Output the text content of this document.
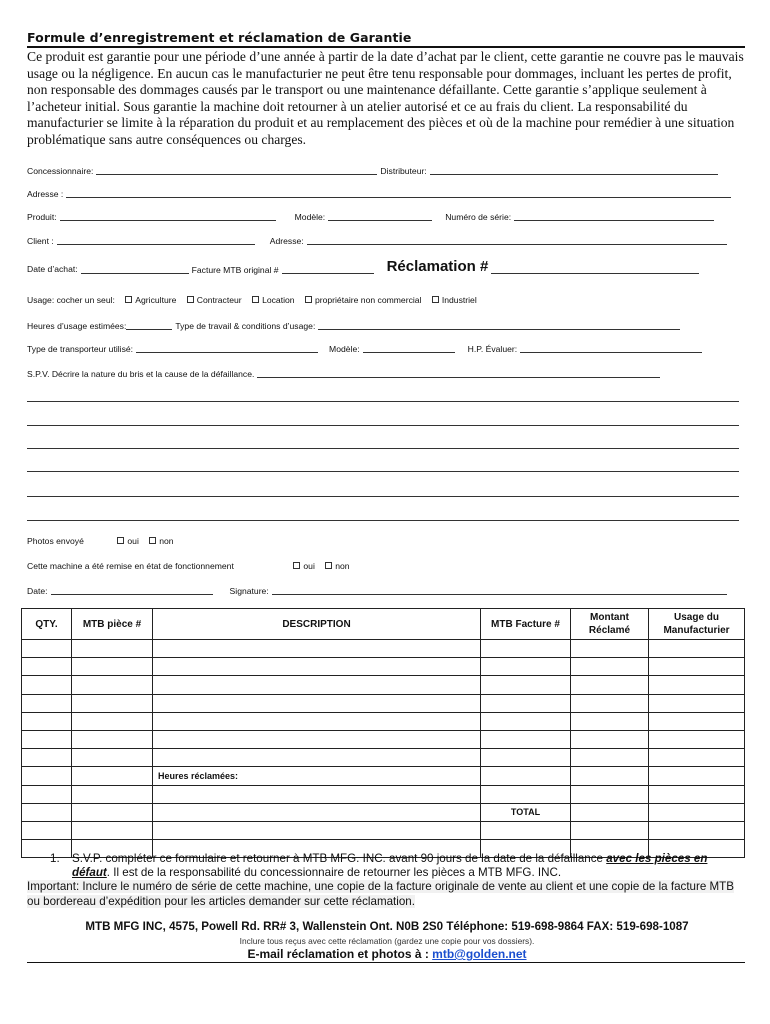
Formule d’enregistrement et réclamation de Garantie
Ce produit est garantie pour une période d’une année à partir de la date d’achat par le client, cette garantie ne couvre pas le mauvais usage ou la négligence. En aucun cas le manufacturier ne peut être tenu responsable pour dommages, incluant les pertes de profit, non responsable des dommages causés par le transport ou une maintenance défaillante. Cette garantie s’applique seulement à l’acheteur initial. Sous garantie la machine doit retourner à un atelier autorisé et ce au frais du client. La responsabilité du manufacturier se limite à la réparation du produit et au remplacement des pièces et où de la machine pour remédier à une situation problématique sans autre conséquences ou charges.
Concessionnaire:	Distributeur:
Adresse :
Produit:	Modèle:	Numéro de série:
Client :	Adresse:
Date d’achat:	Facture MTB original #	Réclamation #
Usage: cocher un seul: Agriculture Contracteur Location propriétaire non commercial Industriel
Heures d’usage estimées:	Type de travail & conditions d’usage:
Type de transporteur utilisé:	Modèle:	H.P. Évaluer:
S.P.V. Décrire la nature du bris et la cause de la défaillance.
Photos envoyé	oui non
Cette machine a été remise en état de fonctionnement	oui non
Date:	Signature:
QTY.	MTB pièce #	DESCRIPTION	MTB Facture #	Montant Réclamé	Usage du Manufacturier

		Heures réclamées:			

			TOTAL		

1. S.V.P. compléter ce formulaire et retourner à MTB MFG. INC. avant 90 jours de la date de la défaillance avec les pièces en défaut. Il est de la responsabilité du concessionnaire de retourner les pièces a MTB MFG. INC.
Important: Inclure le numéro de série de cette machine, une copie de la facture originale de vente au client et une copie de la facture MTB ou bordereau d’expédition pour les articles demander sur cette réclamation.
MTB MFG INC, 4575, Powell Rd. RR# 3, Wallenstein Ont. N0B 2S0 Téléphone: 519-698-9864 FAX: 519-698-1087
Inclure tous reçus avec cette réclamation (gardez une copie pour vos dossiers).
E-mail réclamation et photos à : mtb@golden.net
